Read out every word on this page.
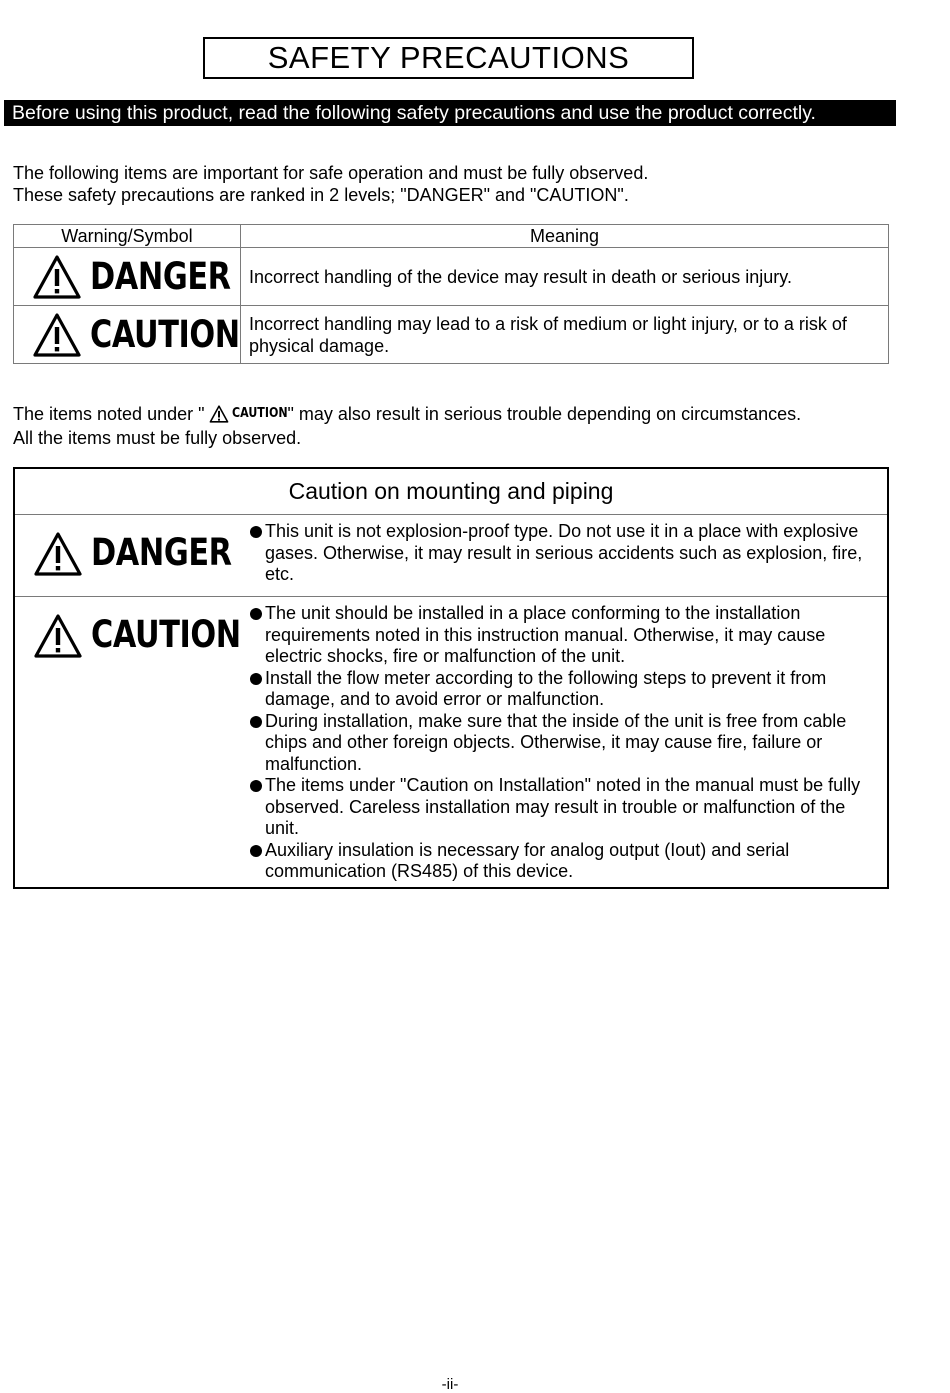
SAFETY PRECAUTIONS
Before using this product, read the following safety precautions and use the product correctly.
The following items are important for safe operation and must be fully observed.
These safety precautions are ranked in 2 levels; "DANGER" and "CAUTION".
Warning/Symbol	Meaning

DANGER	Incorrect handling of the device may result in death or serious injury.

CAUTION	Incorrect handling may lead to a risk of medium or light injury, or to a risk of physical damage.
The items noted under " CAUTION " may also result in serious trouble depending on circumstances.
All the items must be fully observed.
Caution on mounting and piping
DANGER	This unit is not explosion-proof type. Do not use it in a place with explosive gases. Otherwise, it may result in serious accidents such as explosion, fire, etc.
CAUTION	The unit should be installed in a place conforming to the installation requirements noted in this instruction manual. Otherwise, it may cause electric shocks, fire or malfunction of the unit.
Install the flow meter according to the following steps to prevent it from damage, and to avoid error or malfunction.
During installation, make sure that the inside of the unit is free from cable chips and other foreign objects. Otherwise, it may cause fire, failure or malfunction.
The items under "Caution on Installation" noted in the manual must be fully observed. Careless installation may result in trouble or malfunction of the unit.
Auxiliary insulation is necessary for analog output (Iout) and serial communication (RS485) of this device.
-ii-
